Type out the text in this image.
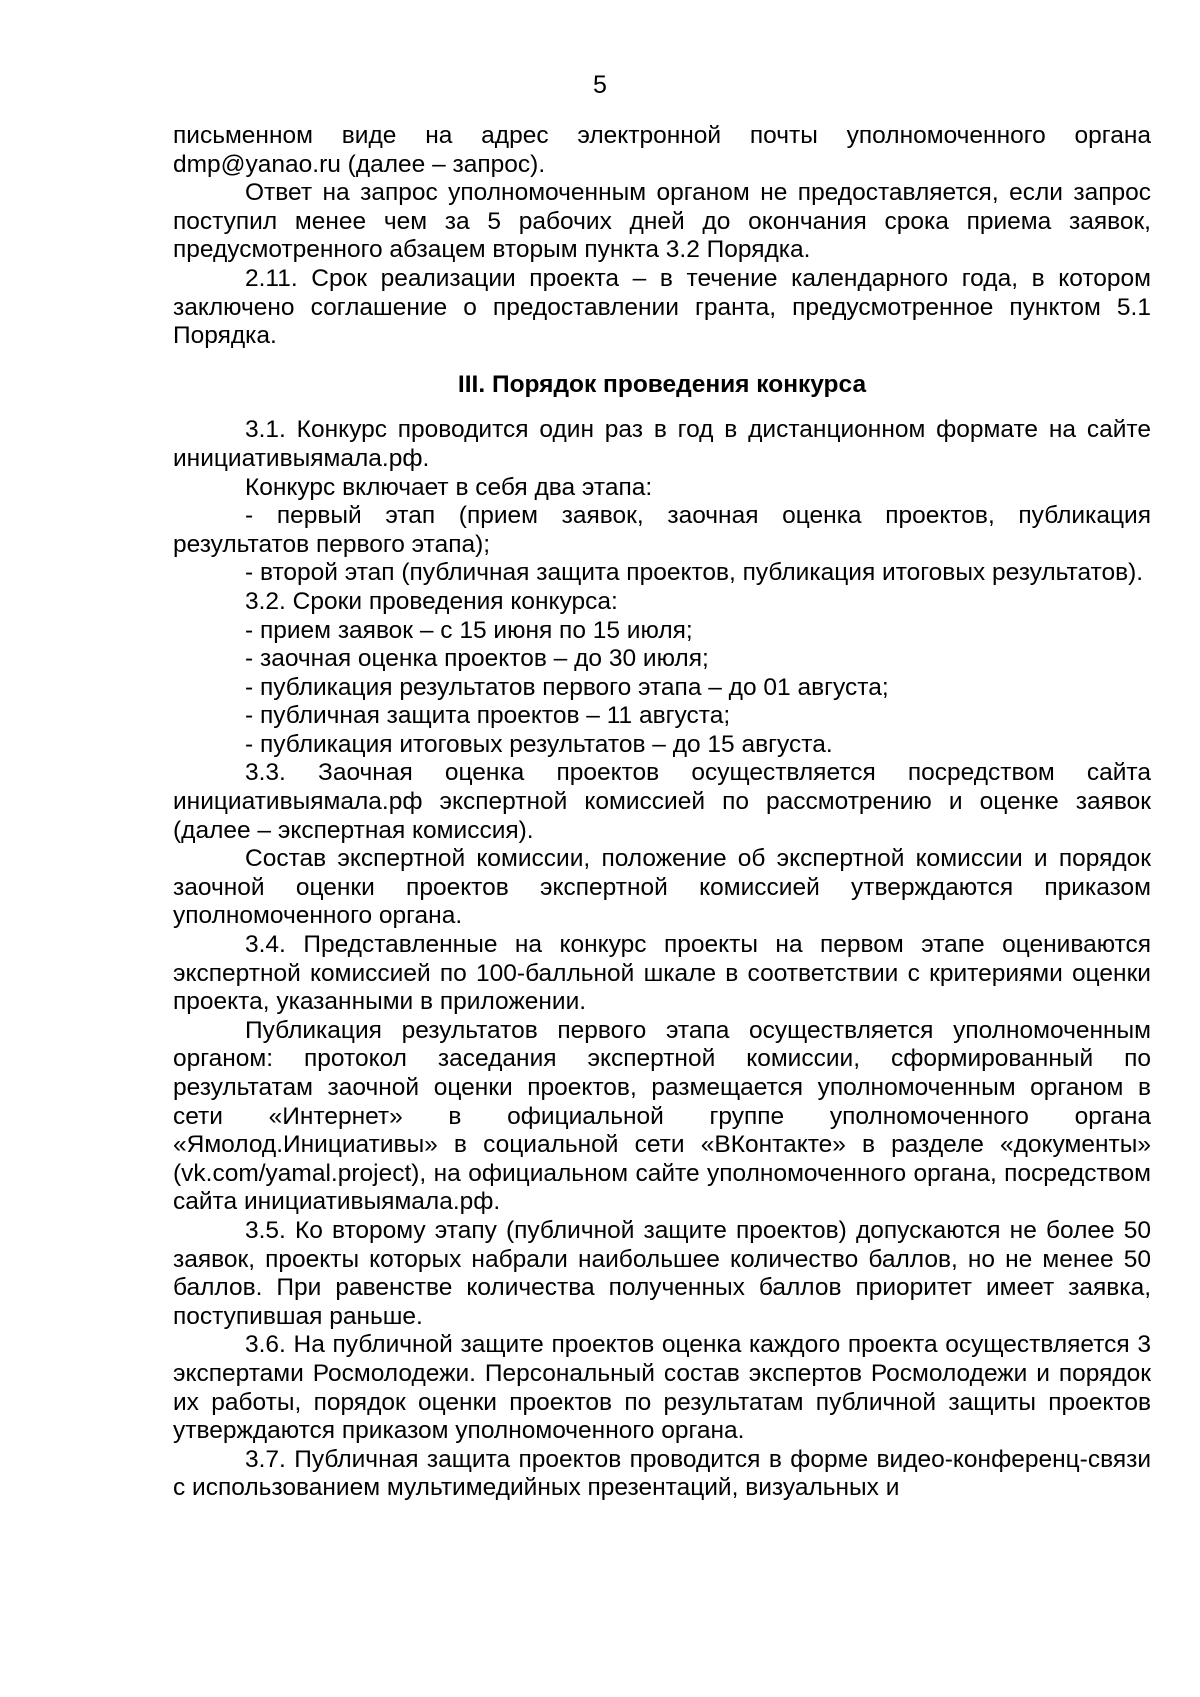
5

письменном виде на адрес электронной почты уполномоченного органа dmp@yanao.ru (далее – запрос).

Ответ на запрос уполномоченным органом не предоставляется, если запрос поступил менее чем за 5 рабочих дней до окончания срока приема заявок, предусмотренного абзацем вторым пункта 3.2 Порядка.

2.11. Срок реализации проекта – в течение календарного года, в котором заключено соглашение о предоставлении гранта, предусмотренное пунктом 5.1 Порядка.

III. Порядок проведения конкурса

3.1. Конкурс проводится один раз в год в дистанционном формате на сайте инициативыямала.рф.

Конкурс включает в себя два этапа:

- первый этап (прием заявок, заочная оценка проектов, публикация результатов первого этапа);

- второй этап (публичная защита проектов, публикация итоговых результатов).

3.2. Сроки проведения конкурса:

- прием заявок – с 15 июня по 15 июля;

- заочная оценка проектов – до 30 июля;

- публикация результатов первого этапа – до 01 августа;

- публичная защита проектов – 11 августа;

- публикация итоговых результатов – до 15 августа.

3.3. Заочная оценка проектов осуществляется посредством сайта инициативыямала.рф экспертной комиссией по рассмотрению и оценке заявок (далее – экспертная комиссия).

Состав экспертной комиссии, положение об экспертной комиссии и порядок заочной оценки проектов экспертной комиссией утверждаются приказом уполномоченного органа.

3.4. Представленные на конкурс проекты на первом этапе оцениваются экспертной комиссией по 100-балльной шкале в соответствии с критериями оценки проекта, указанными в приложении.

Публикация результатов первого этапа осуществляется уполномоченным органом: протокол заседания экспертной комиссии, сформированный по результатам заочной оценки проектов, размещается уполномоченным органом в сети «Интернет» в официальной группе уполномоченного органа «Ямолод.Инициативы» в социальной сети «ВКонтакте» в разделе «документы» (vk.com/yamal.project), на официальном сайте уполномоченного органа, посредством сайта инициативыямала.рф.

3.5. Ко второму этапу (публичной защите проектов) допускаются не более 50 заявок, проекты которых набрали наибольшее количество баллов, но не менее 50 баллов. При равенстве количества полученных баллов приоритет имеет заявка, поступившая раньше.

3.6. На публичной защите проектов оценка каждого проекта осуществляется 3 экспертами Росмолодежи. Персональный состав экспертов Росмолодежи и порядок их работы, порядок оценки проектов по результатам публичной защиты проектов утверждаются приказом уполномоченного органа.

3.7. Публичная защита проектов проводится в форме видео-конференц-связи с использованием мультимедийных презентаций, визуальных и
